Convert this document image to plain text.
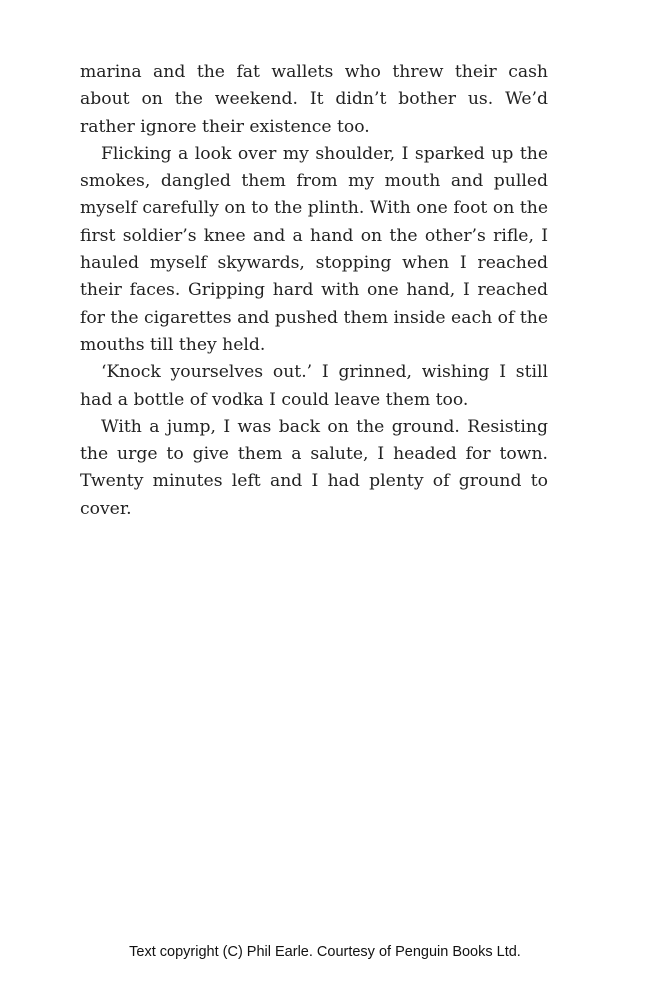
marina and the fat wallets who threw their cash about on the weekend. It didn’t bother us. We’d rather ignore their existence too.

Flicking a look over my shoulder, I sparked up the smokes, dangled them from my mouth and pulled myself carefully on to the plinth. With one foot on the first soldier’s knee and a hand on the other’s rifle, I hauled myself skywards, stopping when I reached their faces. Gripping hard with one hand, I reached for the cigarettes and pushed them inside each of the mouths till they held.

‘Knock yourselves out.’ I grinned, wishing I still had a bottle of vodka I could leave them too.

With a jump, I was back on the ground. Resisting the urge to give them a salute, I headed for town. Twenty minutes left and I had plenty of ground to cover.

Text copyright (C) Phil Earle. Courtesy of Penguin Books Ltd.
